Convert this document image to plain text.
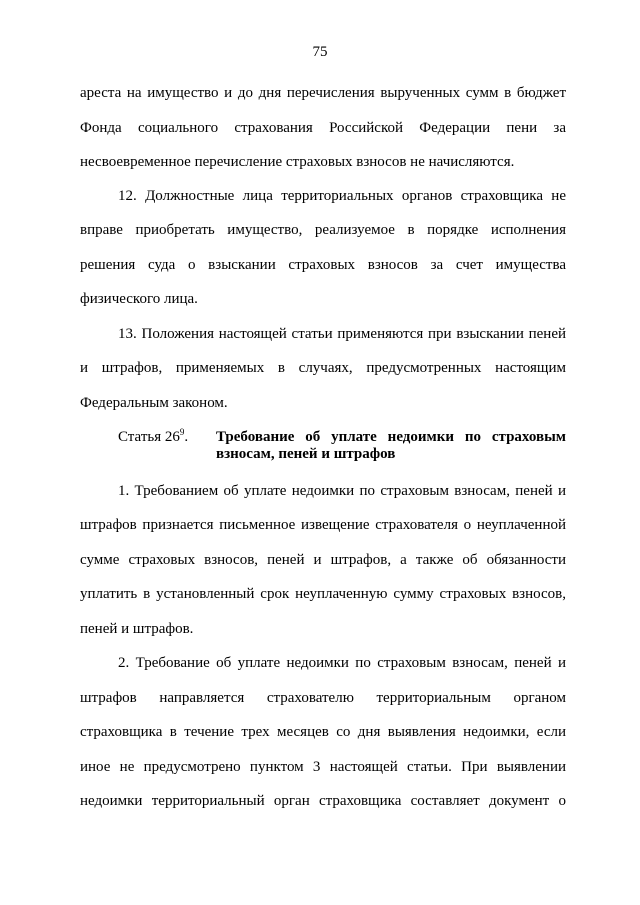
75
ареста на имущество и до дня перечисления вырученных сумм в бюджет
Фонда социального страхования Российской Федерации пени за
несвоевременное перечисление страховых взносов не начисляются.
12. Должностные лица территориальных органов страховщика не
вправе приобретать имущество, реализуемое в порядке исполнения
решения суда о взыскании страховых взносов за счет имущества
физического лица.
13. Положения настоящей статьи применяются при взыскании пеней
и штрафов, применяемых в случаях, предусмотренных настоящим
Федеральным законом.
Статья $26^9$. Требование об уплате недоимки по страховым
взносам, пеней и штрафов
1. Требованием об уплате недоимки по страховым взносам, пеней и
штрафов признается письменное извещение страхователя о неуплаченной
сумме страховых взносов, пеней и штрафов, а также об обязанности
уплатить в установленный срок неуплаченную сумму страховых взносов,
пеней и штрафов.
2. Требование об уплате недоимки по страховым взносам, пеней и
штрафов направляется страхователю территориальным органом
страховщика в течение трех месяцев со дня выявления недоимки, если
иное не предусмотрено пунктом 3 настоящей статьи. При выявлении
недоимки территориальный орган страховщика составляет документ о
